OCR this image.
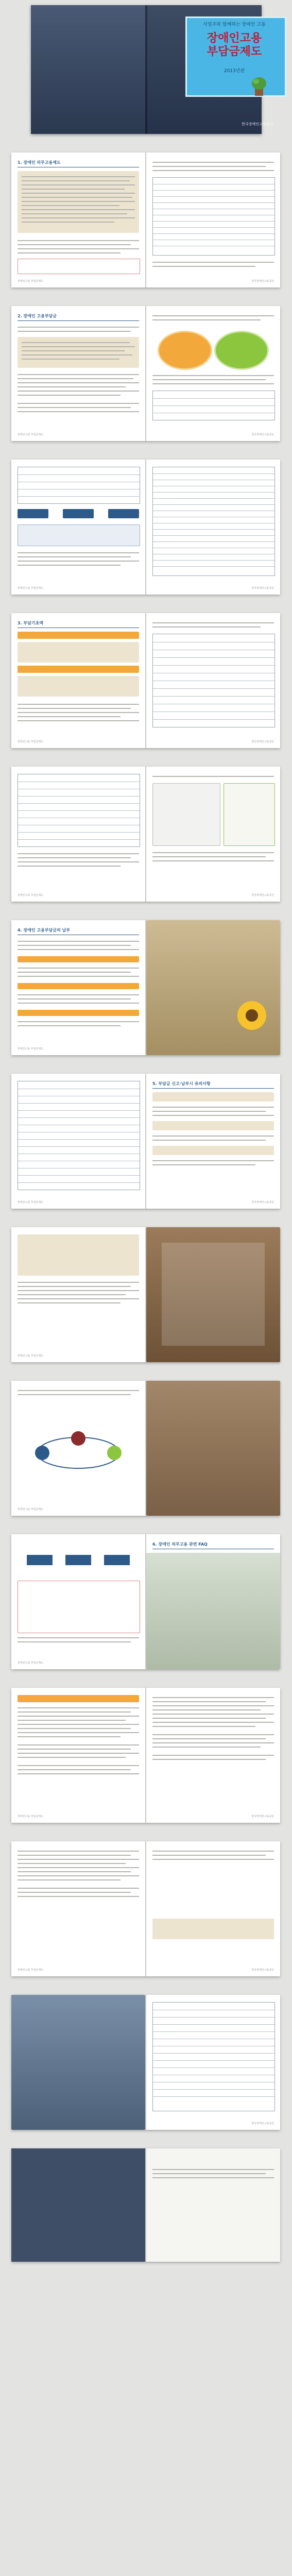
사업주와 함께하는 장애인 고용
장애인고용
부담금제도
2013년판
한국장애인고용공단
1. 장애인 의무고용제도
장애인고용 부담금제도	한국장애인고용공단
2. 장애인 고용부담금
장애인고용 부담금제도	한국장애인고용공단
장애인고용 부담금제도	한국장애인고용공단
3. 부담기초액
장애인고용 부담금제도	한국장애인고용공단
장애인고용 부담금제도	한국장애인고용공단
4. 장애인 고용부담금의 납부
장애인고용 부담금제도
장애인고용 부담금제도
5. 부담금 신고·납부시 유의사항
한국장애인고용공단
장애인고용 부담금제도
장애인고용 부담금제도
장애인고용 부담금제도
6. 장애인 의무고용 관련 FAQ
장애인고용 부담금제도	한국장애인고용공단
장애인고용 부담금제도	한국장애인고용공단
한국장애인고용공단
